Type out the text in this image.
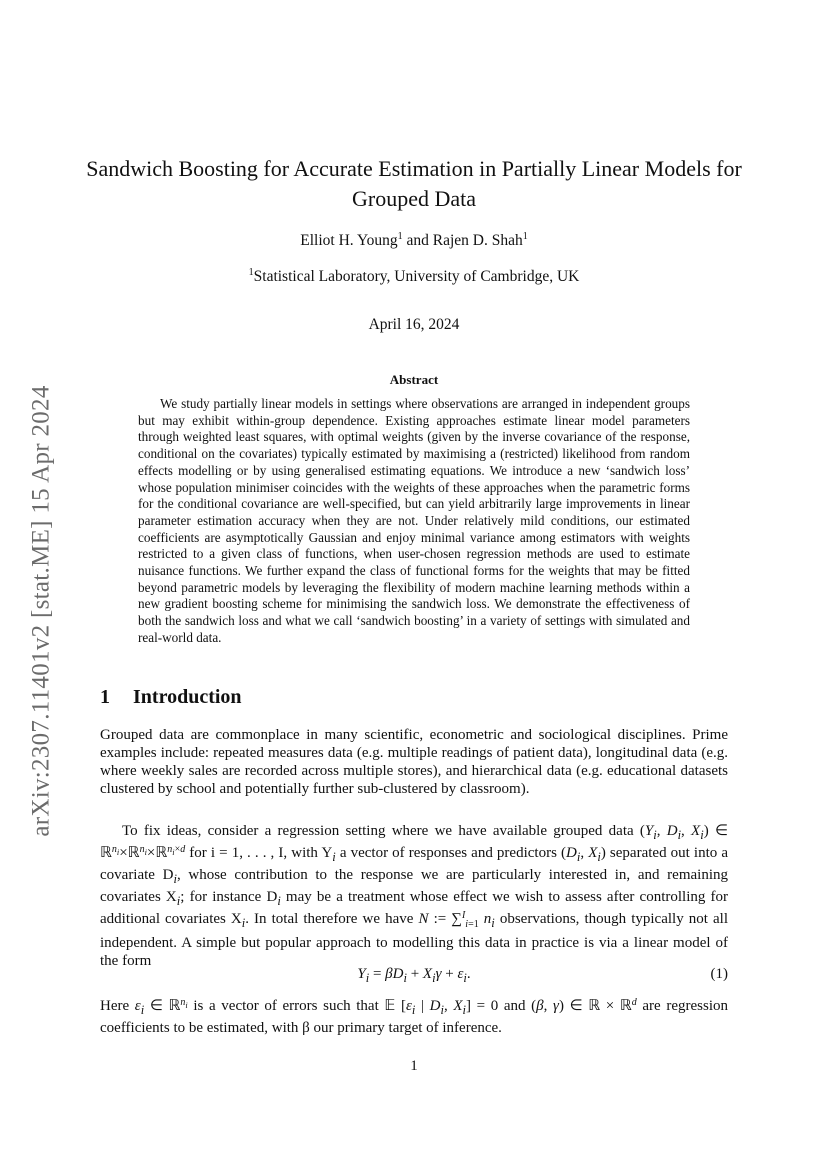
arXiv:2307.11401v2 [stat.ME] 15 Apr 2024
Sandwich Boosting for Accurate Estimation in Partially Linear Models for Grouped Data
Elliot H. Young$^1$ and Rajen D. Shah$^1$
$^1$Statistical Laboratory, University of Cambridge, UK
April 16, 2024
Abstract

We study partially linear models in settings where observations are arranged in independent groups but may exhibit within-group dependence. Existing approaches estimate linear model parameters through weighted least squares, with optimal weights (given by the inverse covariance of the response, conditional on the covariates) typically estimated by maximising a (restricted) likelihood from random effects modelling or by using generalised estimating equations. We introduce a new ‘sandwich loss’ whose population minimiser coincides with the weights of these approaches when the parametric forms for the conditional covariance are well-specified, but can yield arbitrarily large improvements in linear parameter estimation accuracy when they are not. Under relatively mild conditions, our estimated coefficients are asymptotically Gaussian and enjoy minimal variance among estimators with weights restricted to a given class of functions, when user-chosen regression methods are used to estimate nuisance functions. We further expand the class of functional forms for the weights that may be fitted beyond parametric models by leveraging the flexibility of modern machine learning methods within a new gradient boosting scheme for minimising the sandwich loss. We demonstrate the effectiveness of both the sandwich loss and what we call ‘sandwich boosting’ in a variety of settings with simulated and real-world data.

1 Introduction

Grouped data are commonplace in many scientific, econometric and sociological disciplines. Prime examples include: repeated measures data (e.g. multiple readings of patient data), longitudinal data (e.g. where weekly sales are recorded across multiple stores), and hierarchical data (e.g. educational datasets clustered by school and potentially further sub-clustered by classroom).

To fix ideas, consider a regression setting where we have available grouped data ($Y_i$, $D_i$, $X_i$) ∈ ℝ$^{n_i}$×ℝ$^{n_i}$×ℝ$^{n_i\times d}$ for i = 1, . . . , I, with $Y_i$ a vector of responses and predictors ($D_i$, $X_i$) separated out into a covariate $D_i$, whose contribution to the response we are particularly interested in, and remaining covariates $X_i$; for instance $D_i$ may be a treatment whose effect we wish to assess after controlling for additional covariates $X_i$. In total therefore we have N := ∑$^I_{i=1}$ $n_i$ observations, though typically not all independent. A simple but popular approach to modelling this data in practice is via a linear model of the form

$Y_i = \beta D_i + X_i\gamma + \varepsilon_i$.	(1)

Here $\varepsilon_i$ ∈ ℝ$^{n_i}$ is a vector of errors such that 𝔼 [$\varepsilon_i$ | $D_i$, $X_i] = 0$ and (β, γ) ∈ ℝ × ℝ$^d$ are regression coefficients to be estimated, with β our primary target of inference.

1
